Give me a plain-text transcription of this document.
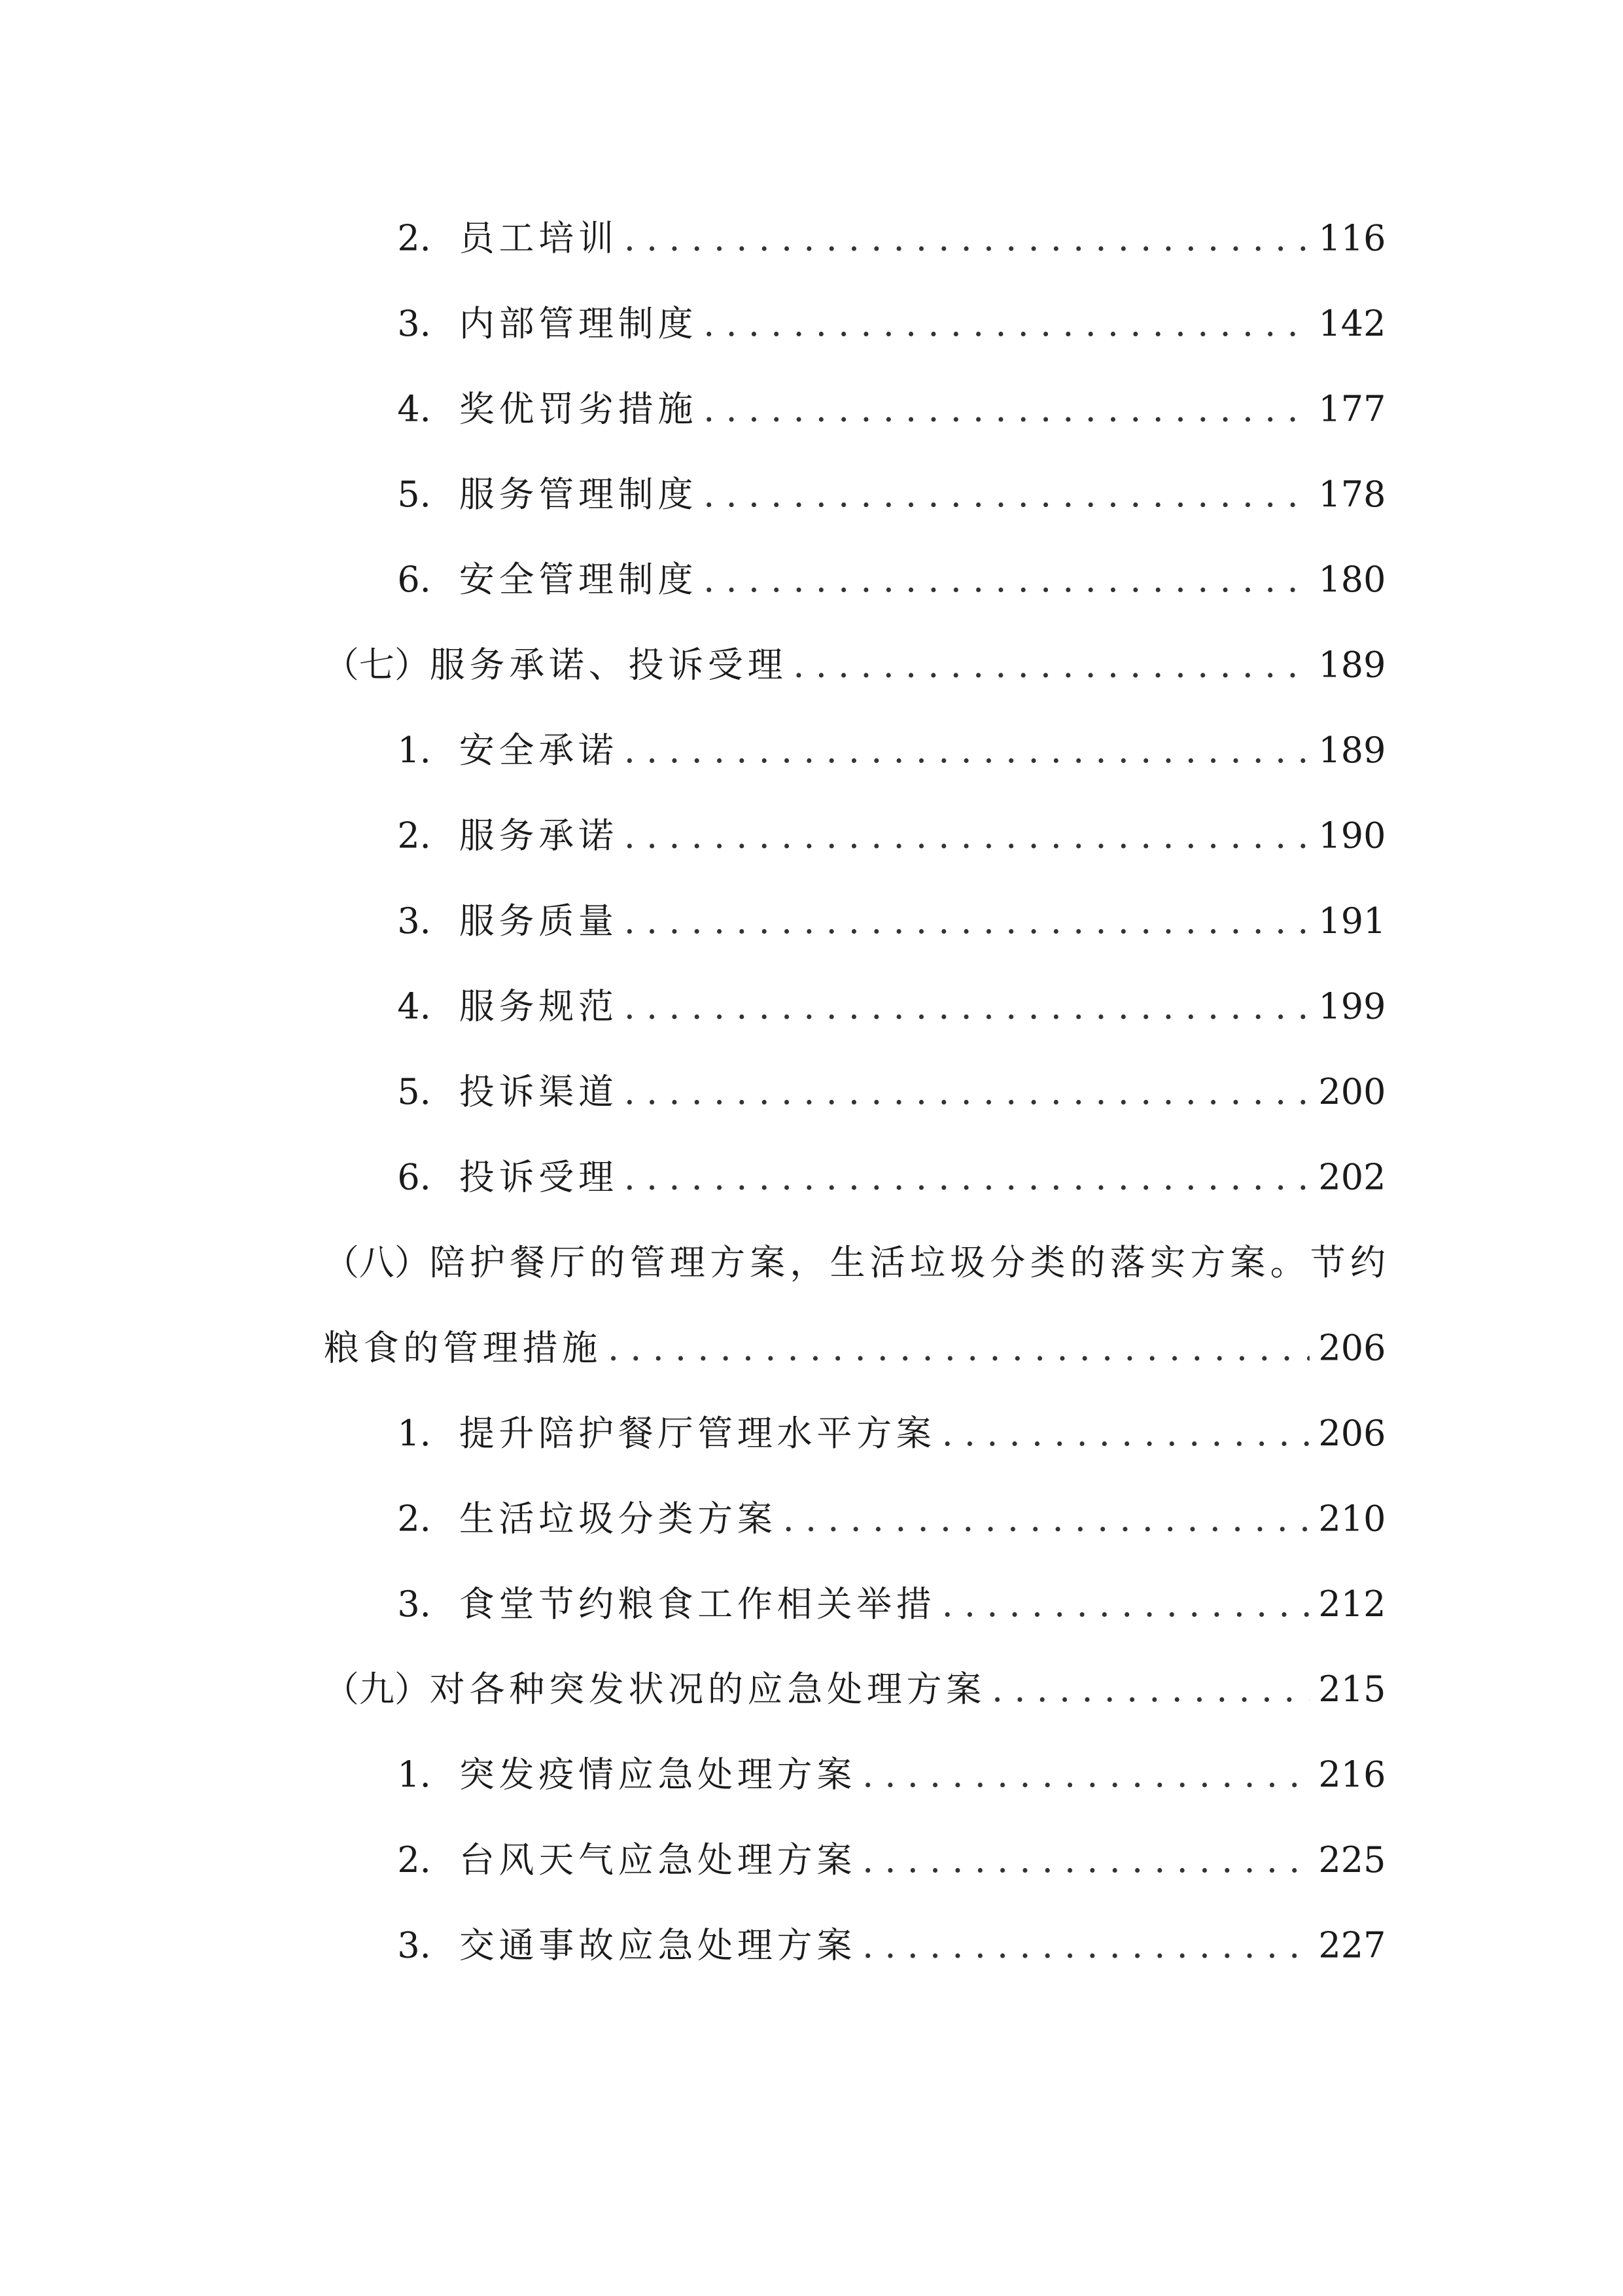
2. 员工培训 . . .	116
3. 内部管理制度 . . .	142
4. 奖优罚劣措施 . . .	177
5. 服务管理制度 . . .	178
6. 安全管理制度 . . .	180
（七） 服务承诺、投诉受理 . . .	189
1. 安全承诺 . . .	189
2. 服务承诺 . . .	190
3. 服务质量 . . .	191
4. 服务规范 . . .	199
5. 投诉渠道 . . .	200
6. 投诉受理 . . .	202
（八） 陪护餐厅的管理方案，生活垃圾分类的落实方案。节约
粮食的管理措施 . . .	206
1. 提升陪护餐厅管理水平方案 . . .	206
2. 生活垃圾分类方案 . . .	210
3. 食堂节约粮食工作相关举措 . . .	212
（九） 对各种突发状况的应急处理方案 . . .	215
1. 突发疫情应急处理方案 . . .	216
2. 台风天气应急处理方案 . . .	225
3. 交通事故应急处理方案 . . .	227
